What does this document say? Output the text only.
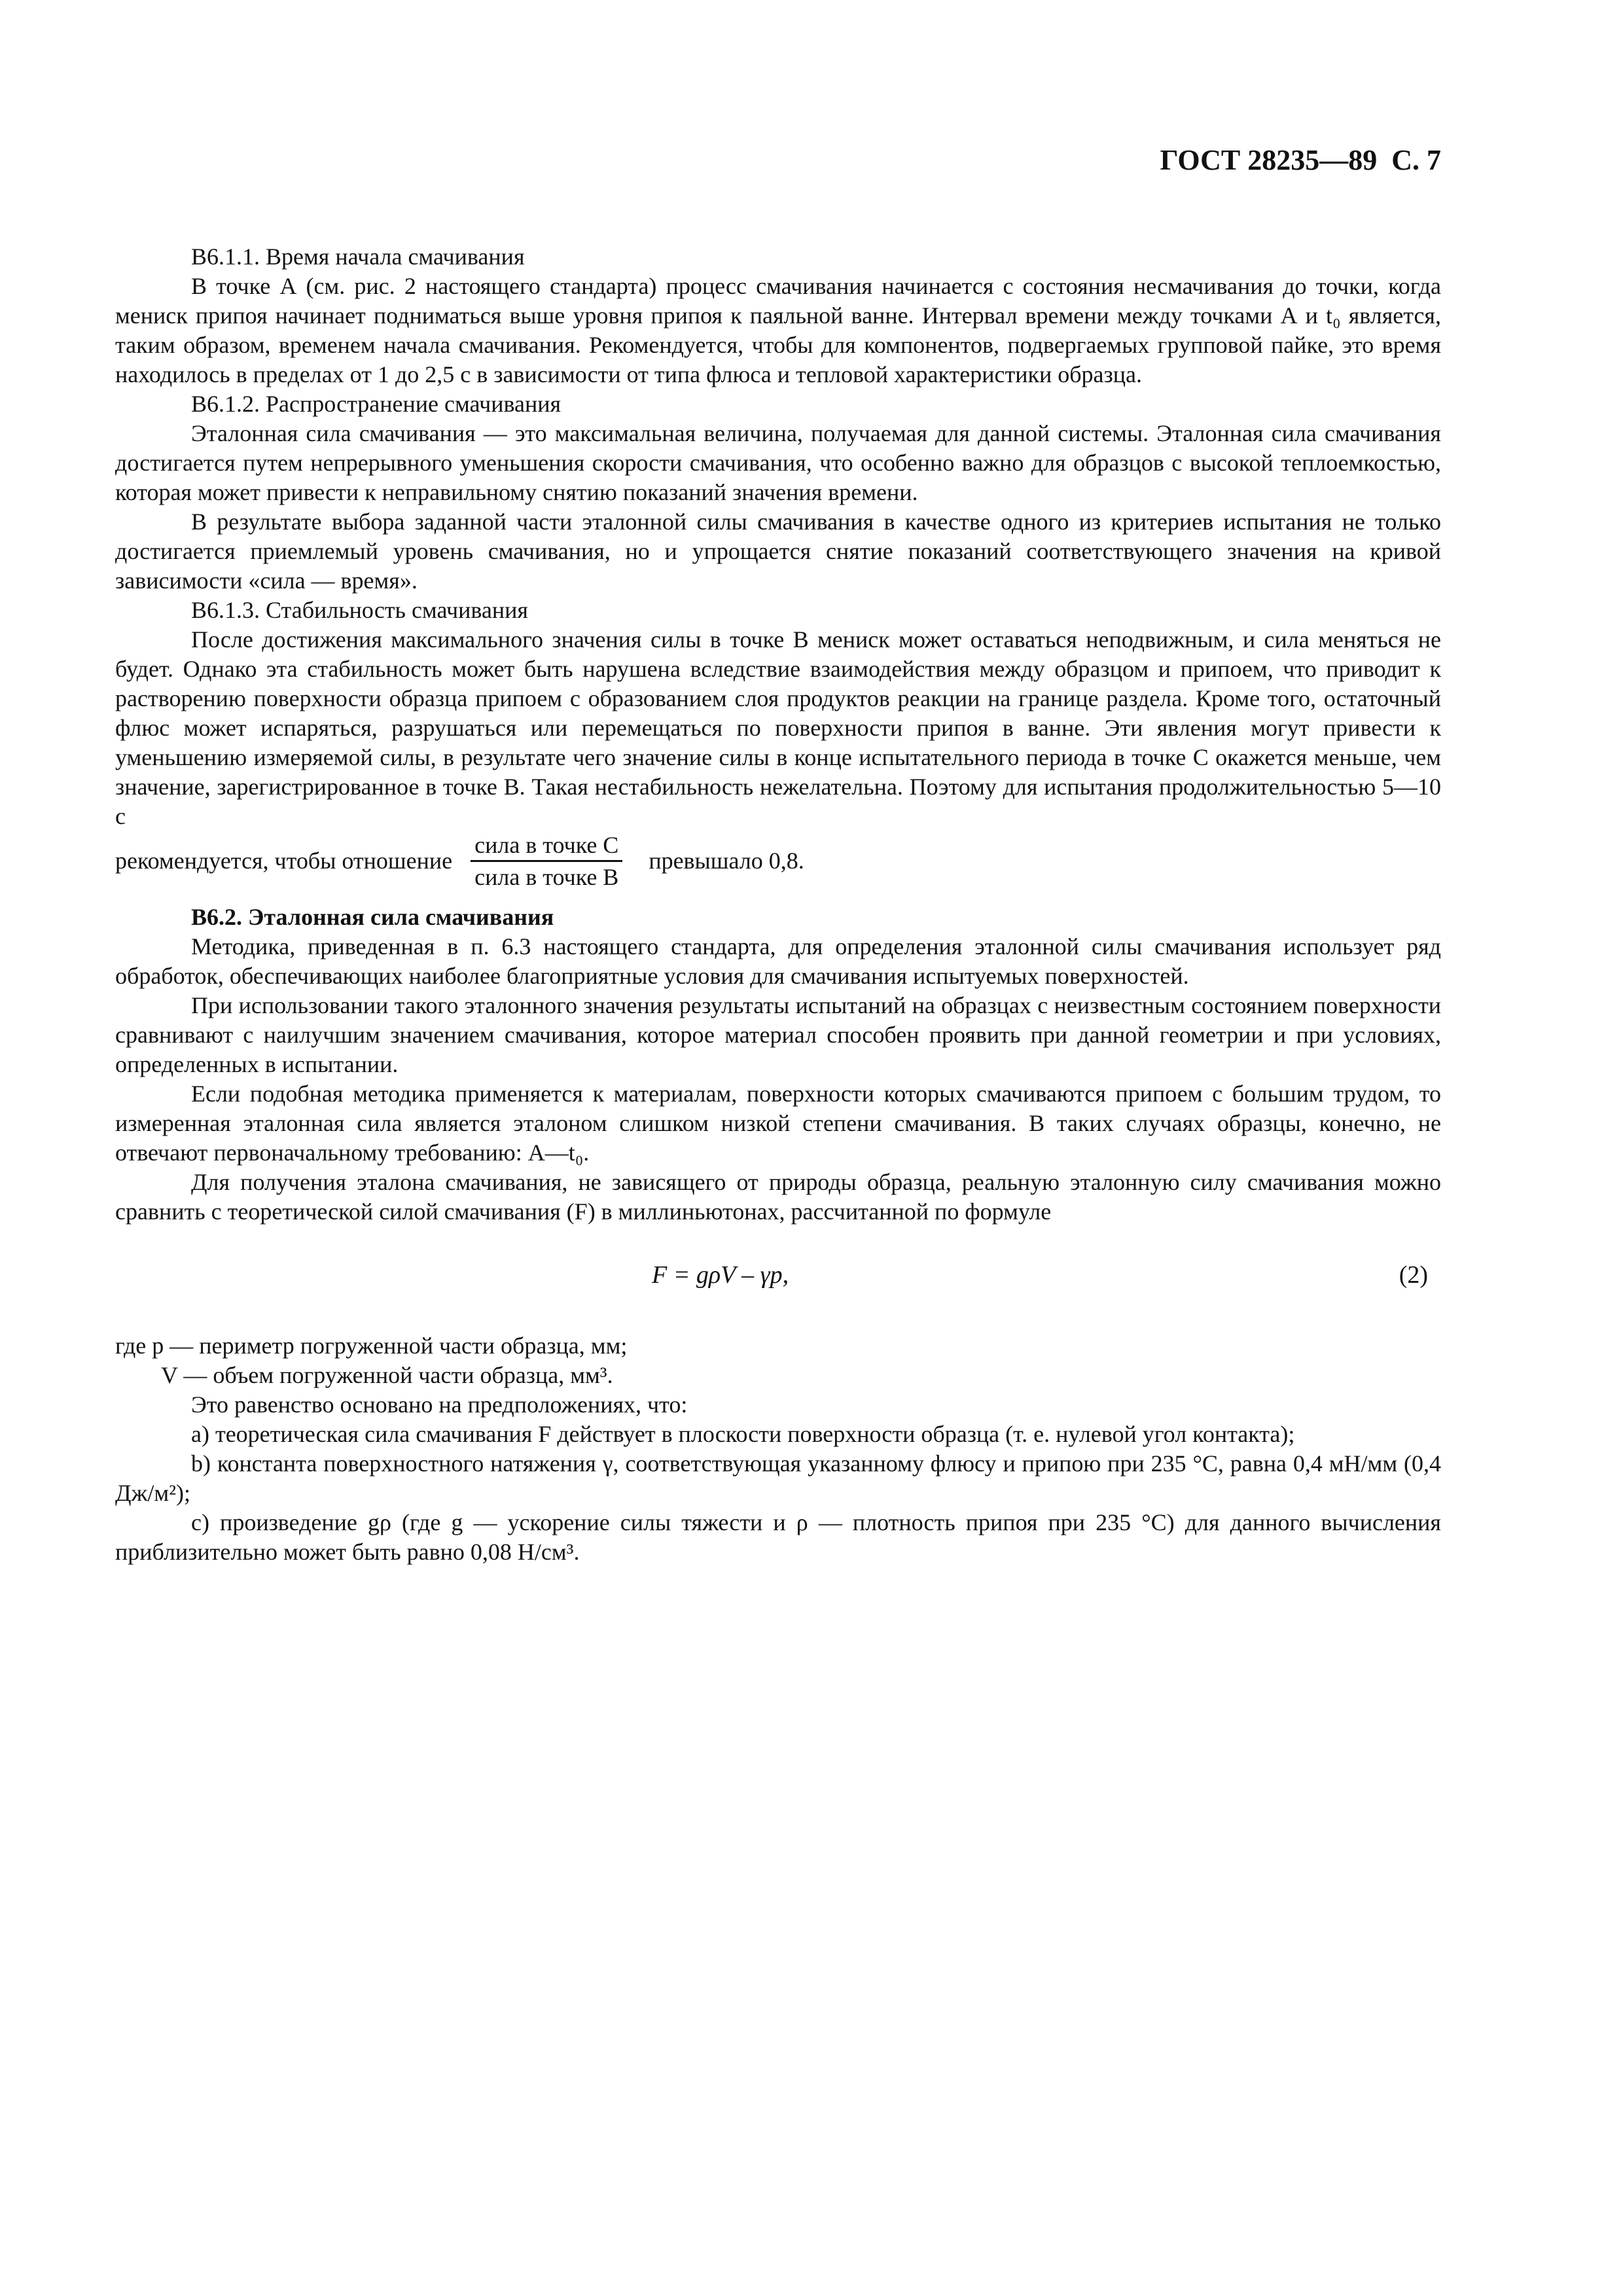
ГОСТ 28235—89  С. 7

В6.1.1. Время начала смачивания

В точке А (см. рис. 2 настоящего стандарта) процесс смачивания начинается с состояния несмачивания до точки, когда мениск припоя начинает подниматься выше уровня припоя к паяльной ванне. Интервал времени между точками А и t₀ является, таким образом, временем начала смачивания. Рекомендуется, чтобы для компонентов, подвергаемых групповой пайке, это время находилось в пределах от 1 до 2,5 с в зависимости от типа флюса и тепловой характеристики образца.

В6.1.2. Распространение смачивания

Эталонная сила смачивания — это максимальная величина, получаемая для данной системы. Эталонная сила смачивания достигается путем непрерывного уменьшения скорости смачивания, что особенно важно для образцов с высокой теплоемкостью, которая может привести к неправильному снятию показаний значения времени.

В результате выбора заданной части эталонной силы смачивания в качестве одного из критериев испытания не только достигается приемлемый уровень смачивания, но и упрощается снятие показаний соответствующего значения на кривой зависимости «сила — время».

В6.1.3. Стабильность смачивания

После достижения максимального значения силы в точке В мениск может оставаться неподвижным, и сила меняться не будет. Однако эта стабильность может быть нарушена вследствие взаимодействия между образцом и припоем, что приводит к растворению поверхности образца припоем с образованием слоя продуктов реакции на границе раздела. Кроме того, остаточный флюс может испаряться, разрушаться или перемещаться по поверхности припоя в ванне. Эти явления могут привести к уменьшению измеряемой силы, в результате чего значение силы в конце испытательного периода в точке С окажется меньше, чем значение, зарегистрированное в точке В. Такая нестабильность нежелательна. Поэтому для испытания продолжительностью 5—10 с

рекомендуется, чтобы отношение $\frac{\text{сила в точке С}}{\text{сила в точке В}}$ превышало 0,8.

В6.2. Эталонная сила смачивания

Методика, приведенная в п. 6.3 настоящего стандарта, для определения эталонной силы смачивания использует ряд обработок, обеспечивающих наиболее благоприятные условия для смачивания испытуемых поверхностей.

При использовании такого эталонного значения результаты испытаний на образцах с неизвестным состоянием поверхности сравнивают с наилучшим значением смачивания, которое материал способен проявить при данной геометрии и при условиях, определенных в испытании.

Если подобная методика применяется к материалам, поверхности которых смачиваются припоем с большим трудом, то измеренная эталонная сила является эталоном слишком низкой степени смачивания. В таких случаях образцы, конечно, не отвечают первоначальному требованию: А—t₀.

Для получения эталона смачивания, не зависящего от природы образца, реальную эталонную силу смачивания можно сравнить с теоретической силой смачивания (F) в миллиньютонах, рассчитанной по формуле

F = gρV – γp,	(2)

где p — периметр погруженной части образца, мм;

V — объем погруженной части образца, мм³.

Это равенство основано на предположениях, что:

а) теоретическая сила смачивания F действует в плоскости поверхности образца (т. е. нулевой угол контакта);

b) константа поверхностного натяжения γ, соответствующая указанному флюсу и припою при 235 °С, равна 0,4 мН/мм (0,4 Дж/м²);

с) произведение gρ (где g — ускорение силы тяжести и ρ — плотность припоя при 235 °С) для данного вычисления приблизительно может быть равно 0,08 Н/см³.
